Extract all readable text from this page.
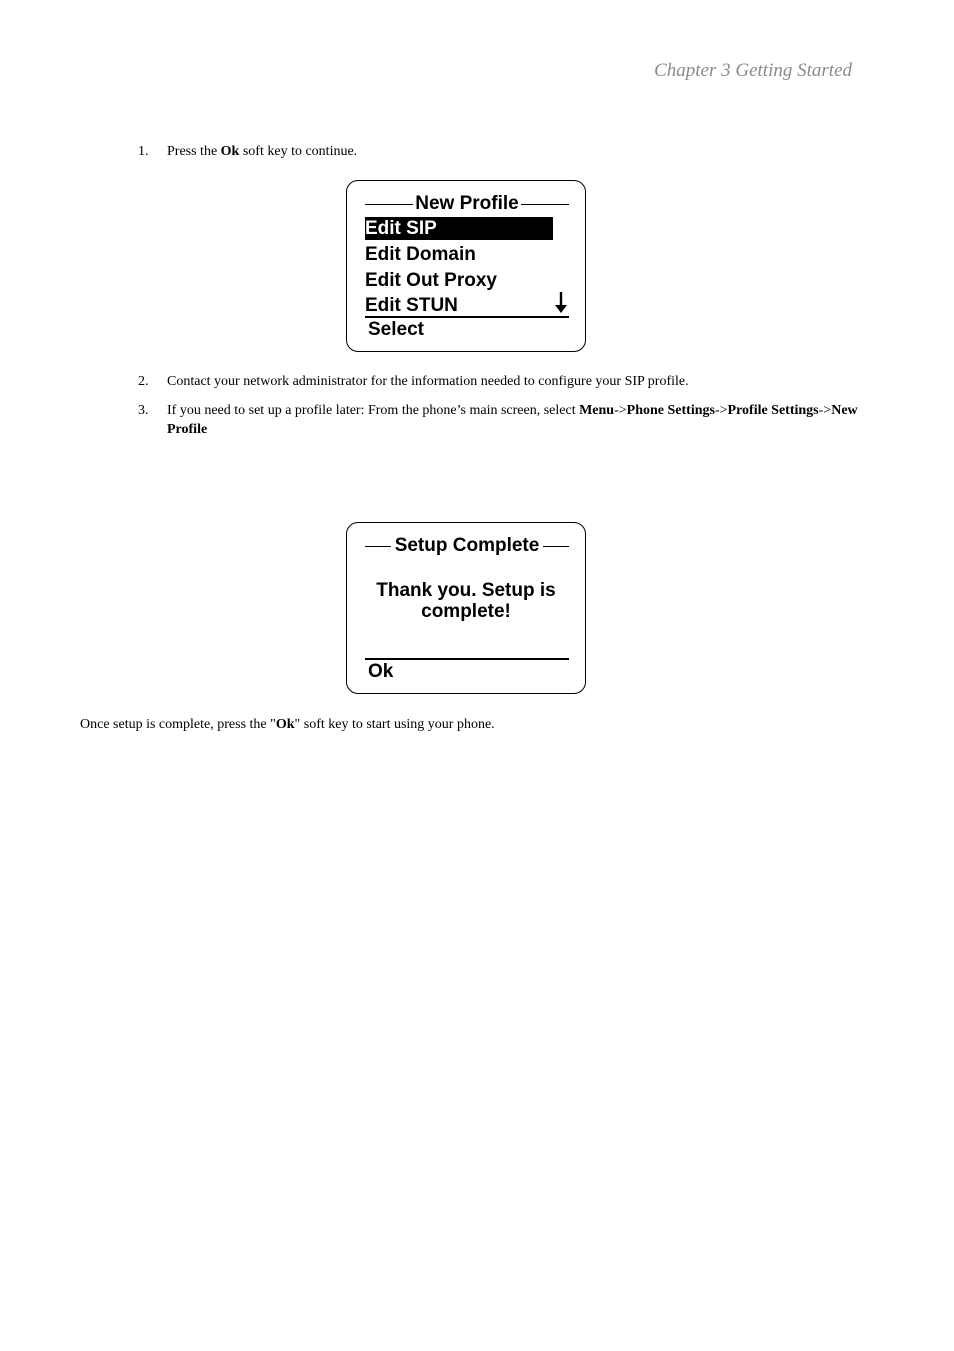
Chapter 3 Getting Started
1. Press the Ok soft key to continue.
New Profile
Edit SIP
Edit Domain
Edit Out Proxy
Edit STUN
Select
2. Contact your network administrator for the information needed to configure your SIP profile.
3. If you need to set up a profile later: From the phone’s main screen, select Menu->Phone Settings->Profile Settings->New Profile
Setup Complete
Thank you. Setup is
complete!
Ok
Once setup is complete, press the "Ok" soft key to start using your phone.
